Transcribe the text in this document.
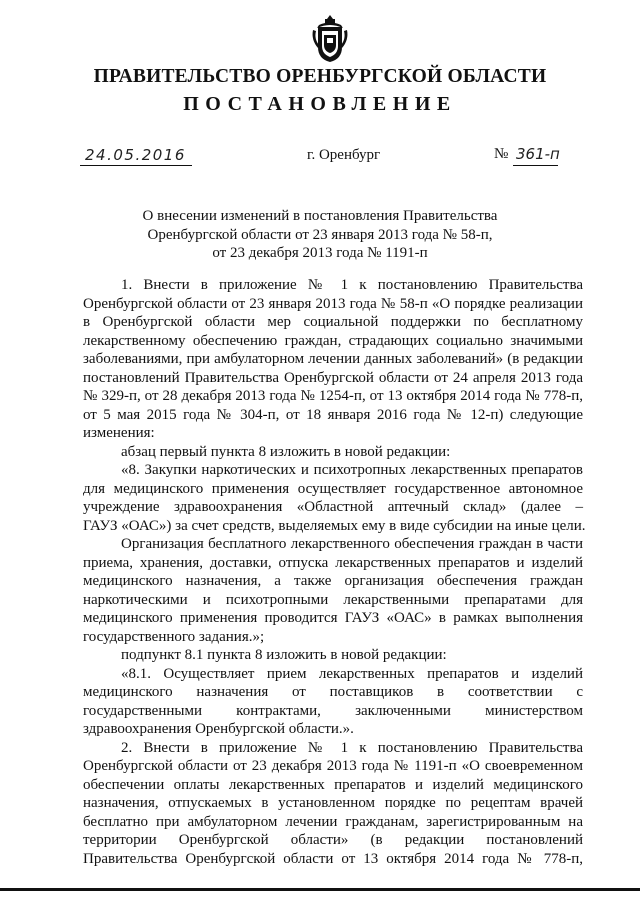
ПРАВИТЕЛЬСТВО ОРЕНБУРГСКОЙ ОБЛАСТИ
ПОСТАНОВЛЕНИЕ
24.05.2016	г. Оренбург	№ 361-п
О внесении изменений в постановления Правительства
Оренбургской области от 23 января 2013 года № 58-п,
от 23 декабря 2013 года № 1191-п
1. Внести в приложение № 1 к постановлению Правительства
Оренбургской области от 23 января 2013 года № 58-п «О порядке реализации
в Оренбургской области мер социальной поддержки по бесплатному
лекарственному обеспечению граждан, страдающих социально значимыми
заболеваниями, при амбулаторном лечении данных заболеваний» (в редакции
постановлений Правительства Оренбургской области от 24 апреля 2013 года
№ 329-п, от 28 декабря 2013 года № 1254-п, от 13 октября 2014 года № 778-п,
от 5 мая 2015 года № 304-п, от 18 января 2016 года № 12-п) следующие
изменения:
абзац первый пункта 8 изложить в новой редакции:
«8. Закупки наркотических и психотропных лекарственных препаратов
для медицинского применения осуществляет государственное автономное
учреждение здравоохранения «Областной аптечный склад» (далее –
ГАУЗ «ОАС») за счет средств, выделяемых ему в виде субсидии на иные цели.
Организация бесплатного лекарственного обеспечения граждан в части
приема, хранения, доставки, отпуска лекарственных препаратов и изделий
медицинского назначения, а также организация обеспечения граждан
наркотическими и психотропными лекарственными препаратами для
медицинского применения проводится ГАУЗ «ОАС» в рамках выполнения
государственного задания.»;
подпункт 8.1 пункта 8 изложить в новой редакции:
«8.1. Осуществляет прием лекарственных препаратов и изделий
медицинского назначения от поставщиков в соответствии с
государственными контрактами, заключенными министерством
здравоохранения Оренбургской области.».
2. Внести в приложение № 1 к постановлению Правительства
Оренбургской области от 23 декабря 2013 года № 1191-п «О своевременном
обеспечении оплаты лекарственных препаратов и изделий медицинского
назначения, отпускаемых в установленном порядке по рецептам врачей
бесплатно при амбулаторном лечении гражданам, зарегистрированным на
территории Оренбургской области» (в редакции постановлений
Правительства Оренбургской области от 13 октября 2014 года № 778-п,
